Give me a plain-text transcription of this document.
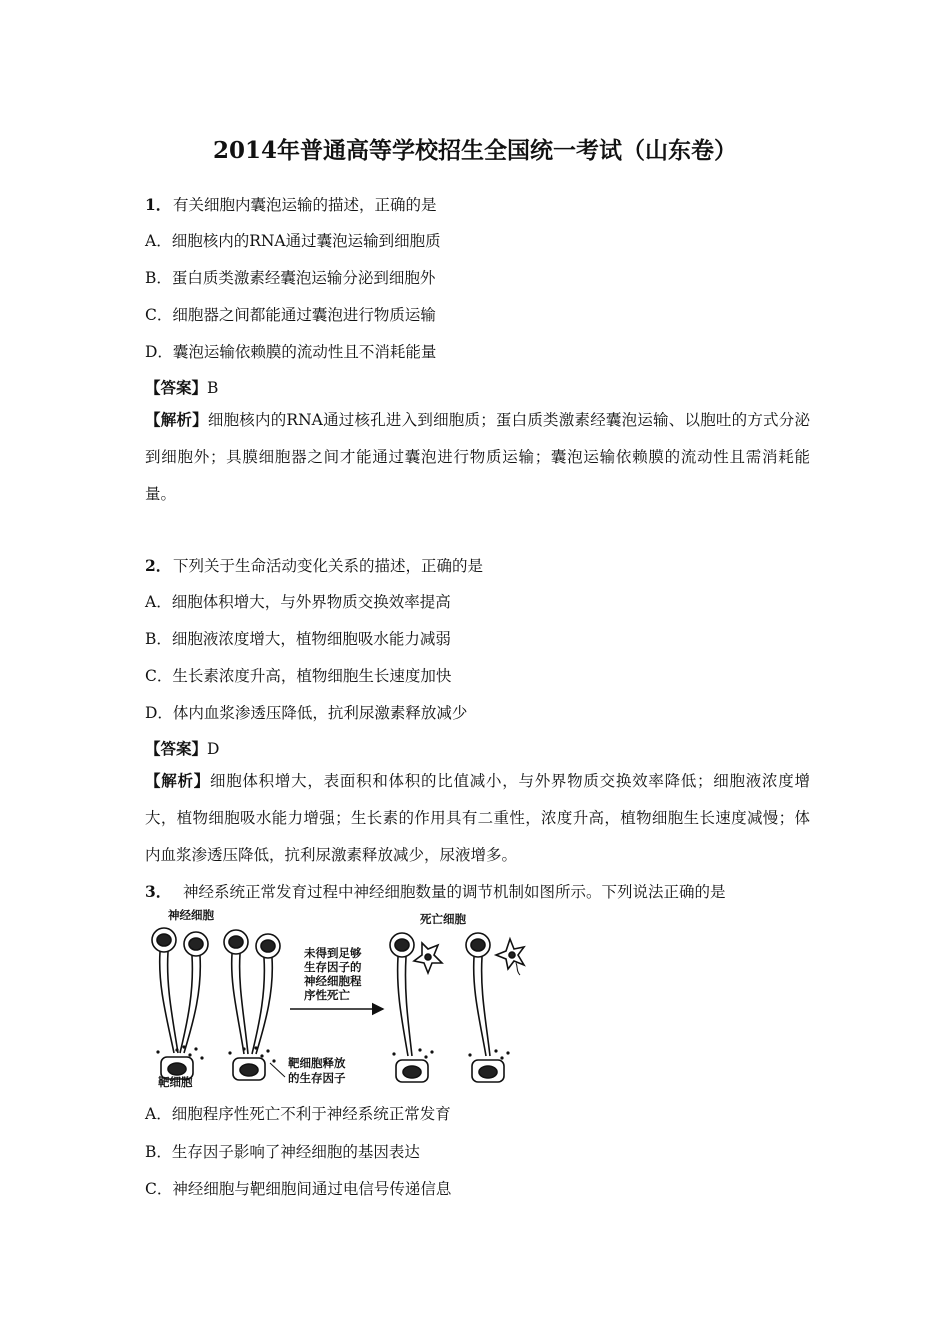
2014年普通高等学校招生全国统一考试（山东卷）
1． 有关细胞内囊泡运输的描述，正确的是
A．细胞核内的RNA通过囊泡运输到细胞质
B．蛋白质类激素经囊泡运输分泌到细胞外
C．细胞器之间都能通过囊泡进行物质运输
D．囊泡运输依赖膜的流动性且不消耗能量
【答案】B
【解析】细胞核内的RNA通过核孔进入到细胞质；蛋白质类激素经囊泡运输、以胞吐的方式分泌到细胞外；具膜细胞器之间才能通过囊泡进行物质运输；囊泡运输依赖膜的流动性且需消耗能量。
2． 下列关于生命活动变化关系的描述，正确的是
A．细胞体积增大，与外界物质交换效率提高
B．细胞液浓度增大，植物细胞吸水能力减弱
C．生长素浓度升高，植物细胞生长速度加快
D．体内血浆渗透压降低，抗利尿激素释放减少
【答案】D
【解析】细胞体积增大，表面积和体积的比值减小，与外界物质交换效率降低；细胞液浓度增大，植物细胞吸水能力增强；生长素的作用具有二重性，浓度升高，植物细胞生长速度减慢；体内血浆渗透压降低，抗利尿激素释放减少，尿液增多。
3． 神经系统正常发育过程中神经细胞数量的调节机制如图所示。下列说法正确的是
神经细胞	死亡细胞
靶细胞
靶细胞释放
的生存因子
未得到足够
生存因子的
神经细胞程
序性死亡
A．细胞程序性死亡不利于神经系统正常发育
B．生存因子影响了神经细胞的基因表达
C．神经细胞与靶细胞间通过电信号传递信息
